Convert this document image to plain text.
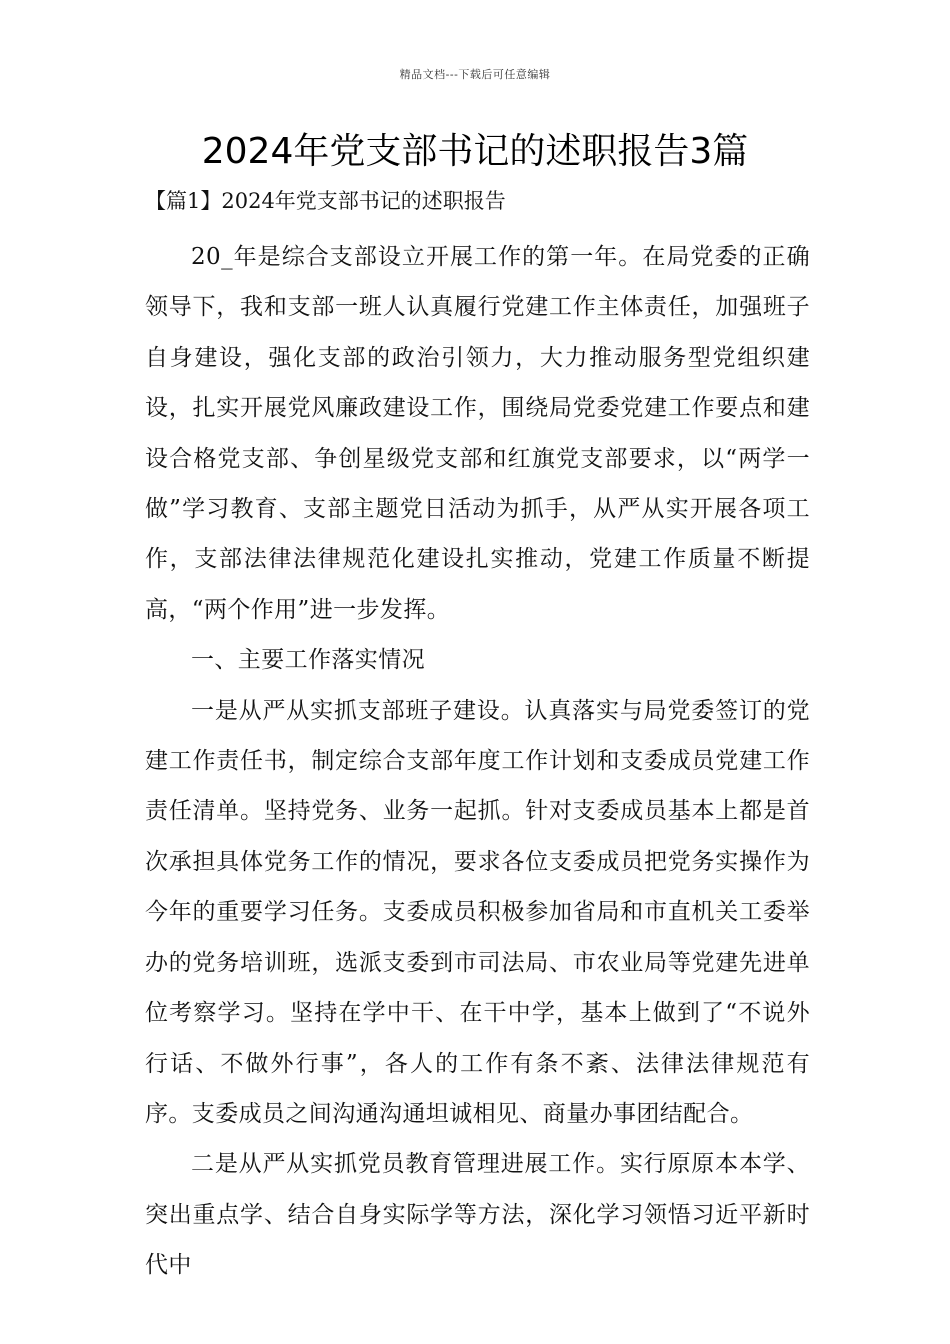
精品文档---下载后可任意编辑
2024年党支部书记的述职报告3篇
【篇1】2024年党支部书记的述职报告

20_年是综合支部设立开展工作的第一年。在局党委的正确领导下，我和支部一班人认真履行党建工作主体责任，加强班子自身建设，强化支部的政治引领力，大力推动服务型党组织建设，扎实开展党风廉政建设工作，围绕局党委党建工作要点和建设合格党支部、争创星级党支部和红旗党支部要求，以“两学一做”学习教育、支部主题党日活动为抓手，从严从实开展各项工作，支部法律法律规范化建设扎实推动，党建工作质量不断提高，“两个作用”进一步发挥。

一、主要工作落实情况

一是从严从实抓支部班子建设。认真落实与局党委签订的党建工作责任书，制定综合支部年度工作计划和支委成员党建工作责任清单。坚持党务、业务一起抓。针对支委成员基本上都是首次承担具体党务工作的情况，要求各位支委成员把党务实操作为今年的重要学习任务。支委成员积极参加省局和市直机关工委举办的党务培训班，选派支委到市司法局、市农业局等党建先进单位考察学习。坚持在学中干、在干中学，基本上做到了“不说外行话、不做外行事”，各人的工作有条不紊、法律法律规范有序。支委成员之间沟通沟通坦诚相见、商量办事团结配合。

二是从严从实抓党员教育管理进展工作。实行原原本本学、突出重点学、结合自身实际学等方法，深化学习领悟习近平新时代中
